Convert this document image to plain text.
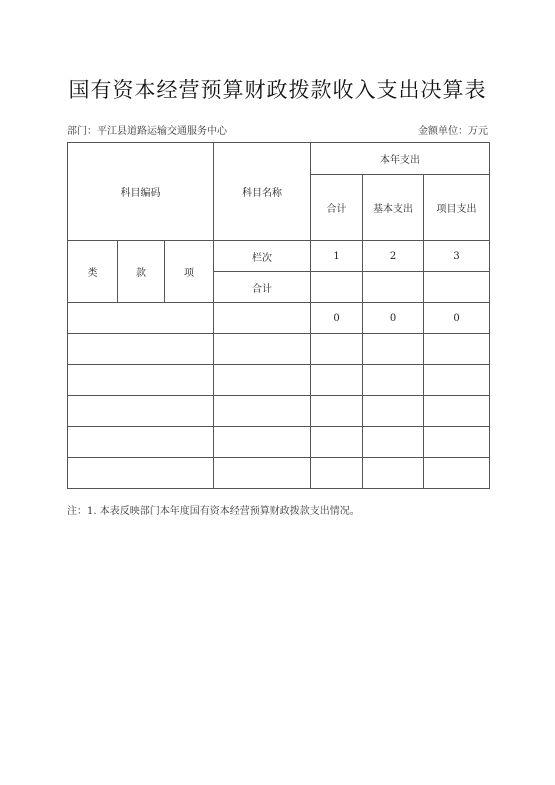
国有资本经营预算财政拨款收入支出决算表
部门：平江县道路运输交通服务中心	金额单位：万元
科目编码			科目名称	本年支出		
				合计	基本支出	项目支出
类	款	项	栏次	1	2	3
			合计			
				0	0	0

注：1. 本表反映部门本年度国有资本经营预算财政拨款支出情况。
